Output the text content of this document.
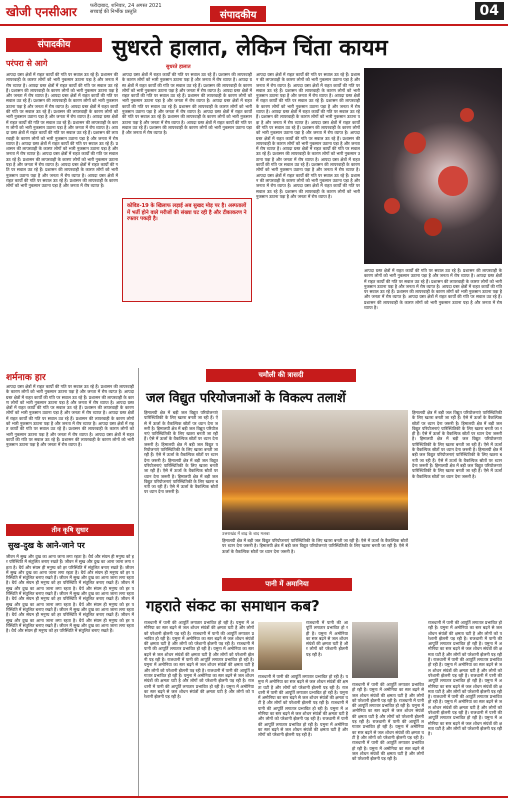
खोजी एनसीआर	फरीदाबाद, शनिवार, 24 अगस्त 2021
सच्चाई की निर्भीक प्रस्तुति	संपादकीय	04
संपादकीय
परंपरा से आगे
सुधरते हालात, लेकिन चिंता कायम
आपदा ग्रस्त क्षेत्रों में राहत कार्यों की गति पर सवाल उठ रहे हैं। प्रशासन की लापरवाही के कारण लोगों को भारी नुकसान उठाना पड़ा है और जनता में रोष व्याप्त है। आपदा ग्रस्त क्षेत्रों में राहत कार्यों की गति पर सवाल उठ रहे हैं। प्रशासन की लापरवाही के कारण लोगों को भारी नुकसान उठाना पड़ा है और जनता में रोष व्याप्त है। आपदा ग्रस्त क्षेत्रों में राहत कार्यों की गति पर सवाल उठ रहे हैं। प्रशासन की लापरवाही के कारण लोगों को भारी नुकसान उठाना पड़ा है और जनता में रोष व्याप्त है। आपदा ग्रस्त क्षेत्रों में राहत कार्यों की गति पर सवाल उठ रहे हैं। प्रशासन की लापरवाही के कारण लोगों को भारी नुकसान उठाना पड़ा है और जनता में रोष व्याप्त है। आपदा ग्रस्त क्षेत्रों में राहत कार्यों की गति पर सवाल उठ रहे हैं। प्रशासन की लापरवाही के कारण लोगों को भारी नुकसान उठाना पड़ा है और जनता में रोष व्याप्त है। आपदा ग्रस्त क्षेत्रों में राहत कार्यों की गति पर सवाल उठ रहे हैं। प्रशासन की लापरवाही के कारण लोगों को भारी नुकसान उठाना पड़ा है और जनता में रोष व्याप्त है। आपदा ग्रस्त क्षेत्रों में राहत कार्यों की गति पर सवाल उठ रहे हैं। प्रशासन की लापरवाही के कारण लोगों को भारी नुकसान उठाना पड़ा है और जनता में रोष व्याप्त है। आपदा ग्रस्त क्षेत्रों में राहत कार्यों की गति पर सवाल उठ रहे हैं। प्रशासन की लापरवाही के कारण लोगों को भारी नुकसान उठाना पड़ा है और जनता में रोष व्याप्त है। आपदा ग्रस्त क्षेत्रों में राहत कार्यों की गति पर सवाल उठ रहे हैं। प्रशासन की लापरवाही के कारण लोगों को भारी नुकसान उठाना पड़ा है और जनता में रोष व्याप्त है। आपदा ग्रस्त क्षेत्रों में राहत कार्यों की गति पर सवाल उठ रहे हैं। प्रशासन की लापरवाही के कारण लोगों को भारी नुकसान उठाना पड़ा है और जनता में रोष व्याप्त है।
कोविड-19 के खिलाफ लड़ाई अब सुखद मोड़ पर है। अस्पतालों में भर्ती होने वाले मरीजों की संख्या घट रही है और टीकाकरण ने रफ्तार पकड़ी है।
सुधरते हालात
आपदा ग्रस्त क्षेत्रों में राहत कार्यों की गति पर सवाल उठ रहे हैं। प्रशासन की लापरवाही के कारण लोगों को भारी नुकसान उठाना पड़ा है और जनता में रोष व्याप्त है। आपदा ग्रस्त क्षेत्रों में राहत कार्यों की गति पर सवाल उठ रहे हैं। प्रशासन की लापरवाही के कारण लोगों को भारी नुकसान उठाना पड़ा है और जनता में रोष व्याप्त है। आपदा ग्रस्त क्षेत्रों में राहत कार्यों की गति पर सवाल उठ रहे हैं। प्रशासन की लापरवाही के कारण लोगों को भारी नुकसान उठाना पड़ा है और जनता में रोष व्याप्त है। आपदा ग्रस्त क्षेत्रों में राहत कार्यों की गति पर सवाल उठ रहे हैं। प्रशासन की लापरवाही के कारण लोगों को भारी नुकसान उठाना पड़ा है और जनता में रोष व्याप्त है। आपदा ग्रस्त क्षेत्रों में राहत कार्यों की गति पर सवाल उठ रहे हैं। प्रशासन की लापरवाही के कारण लोगों को भारी नुकसान उठाना पड़ा है और जनता में रोष व्याप्त है। आपदा ग्रस्त क्षेत्रों में राहत कार्यों की गति पर सवाल उठ रहे हैं। प्रशासन की लापरवाही के कारण लोगों को भारी नुकसान उठाना पड़ा है और जनता में रोष व्याप्त है।
आपदा ग्रस्त क्षेत्रों में राहत कार्यों की गति पर सवाल उठ रहे हैं। प्रशासन की लापरवाही के कारण लोगों को भारी नुकसान उठाना पड़ा है और जनता में रोष व्याप्त है। आपदा ग्रस्त क्षेत्रों में राहत कार्यों की गति पर सवाल उठ रहे हैं। प्रशासन की लापरवाही के कारण लोगों को भारी नुकसान उठाना पड़ा है और जनता में रोष व्याप्त है। आपदा ग्रस्त क्षेत्रों में राहत कार्यों की गति पर सवाल उठ रहे हैं। प्रशासन की लापरवाही के कारण लोगों को भारी नुकसान उठाना पड़ा है और जनता में रोष व्याप्त है। आपदा ग्रस्त क्षेत्रों में राहत कार्यों की गति पर सवाल उठ रहे हैं। प्रशासन की लापरवाही के कारण लोगों को भारी नुकसान उठाना पड़ा है और जनता में रोष व्याप्त है। आपदा ग्रस्त क्षेत्रों में राहत कार्यों की गति पर सवाल उठ रहे हैं। प्रशासन की लापरवाही के कारण लोगों को भारी नुकसान उठाना पड़ा है और जनता में रोष व्याप्त है। आपदा ग्रस्त क्षेत्रों में राहत कार्यों की गति पर सवाल उठ रहे हैं। प्रशासन की लापरवाही के कारण लोगों को भारी नुकसान उठाना पड़ा है और जनता में रोष व्याप्त है। आपदा ग्रस्त क्षेत्रों में राहत कार्यों की गति पर सवाल उठ रहे हैं। प्रशासन की लापरवाही के कारण लोगों को भारी नुकसान उठाना पड़ा है और जनता में रोष व्याप्त है। आपदा ग्रस्त क्षेत्रों में राहत कार्यों की गति पर सवाल उठ रहे हैं। प्रशासन की लापरवाही के कारण लोगों को भारी नुकसान उठाना पड़ा है और जनता में रोष व्याप्त है। आपदा ग्रस्त क्षेत्रों में राहत कार्यों की गति पर सवाल उठ रहे हैं। प्रशासन की लापरवाही के कारण लोगों को भारी नुकसान उठाना पड़ा है और जनता में रोष व्याप्त है। आपदा ग्रस्त क्षेत्रों में राहत कार्यों की गति पर सवाल उठ रहे हैं। प्रशासन की लापरवाही के कारण लोगों को भारी नुकसान उठाना पड़ा है और जनता में रोष व्याप्त है।
आपदा ग्रस्त क्षेत्रों में राहत कार्यों की गति पर सवाल उठ रहे हैं। प्रशासन की लापरवाही के कारण लोगों को भारी नुकसान उठाना पड़ा है और जनता में रोष व्याप्त है। आपदा ग्रस्त क्षेत्रों में राहत कार्यों की गति पर सवाल उठ रहे हैं। प्रशासन की लापरवाही के कारण लोगों को भारी नुकसान उठाना पड़ा है और जनता में रोष व्याप्त है। आपदा ग्रस्त क्षेत्रों में राहत कार्यों की गति पर सवाल उठ रहे हैं। प्रशासन की लापरवाही के कारण लोगों को भारी नुकसान उठाना पड़ा है और जनता में रोष व्याप्त है। आपदा ग्रस्त क्षेत्रों में राहत कार्यों की गति पर सवाल उठ रहे हैं। प्रशासन की लापरवाही के कारण लोगों को भारी नुकसान उठाना पड़ा है और जनता में रोष व्याप्त है।
शर्मनाक हार
आपदा ग्रस्त क्षेत्रों में राहत कार्यों की गति पर सवाल उठ रहे हैं। प्रशासन की लापरवाही के कारण लोगों को भारी नुकसान उठाना पड़ा है और जनता में रोष व्याप्त है। आपदा ग्रस्त क्षेत्रों में राहत कार्यों की गति पर सवाल उठ रहे हैं। प्रशासन की लापरवाही के कारण लोगों को भारी नुकसान उठाना पड़ा है और जनता में रोष व्याप्त है। आपदा ग्रस्त क्षेत्रों में राहत कार्यों की गति पर सवाल उठ रहे हैं। प्रशासन की लापरवाही के कारण लोगों को भारी नुकसान उठाना पड़ा है और जनता में रोष व्याप्त है। आपदा ग्रस्त क्षेत्रों में राहत कार्यों की गति पर सवाल उठ रहे हैं। प्रशासन की लापरवाही के कारण लोगों को भारी नुकसान उठाना पड़ा है और जनता में रोष व्याप्त है। आपदा ग्रस्त क्षेत्रों में राहत कार्यों की गति पर सवाल उठ रहे हैं। प्रशासन की लापरवाही के कारण लोगों को भारी नुकसान उठाना पड़ा है और जनता में रोष व्याप्त है। आपदा ग्रस्त क्षेत्रों में राहत कार्यों की गति पर सवाल उठ रहे हैं। प्रशासन की लापरवाही के कारण लोगों को भारी नुकसान उठाना पड़ा है और जनता में रोष व्याप्त है।
तीन कृषि सुधार
सुख-दुख के आने-जाने पर
जीवन में सुख और दुख का आना जाना लगा रहता है। धैर्य और संयम ही मनुष्य को हर परिस्थिति में संतुलित बनाए रखते हैं। जीवन में सुख और दुख का आना जाना लगा रहता है। धैर्य और संयम ही मनुष्य को हर परिस्थिति में संतुलित बनाए रखते हैं। जीवन में सुख और दुख का आना जाना लगा रहता है। धैर्य और संयम ही मनुष्य को हर परिस्थिति में संतुलित बनाए रखते हैं। जीवन में सुख और दुख का आना जाना लगा रहता है। धैर्य और संयम ही मनुष्य को हर परिस्थिति में संतुलित बनाए रखते हैं। जीवन में सुख और दुख का आना जाना लगा रहता है। धैर्य और संयम ही मनुष्य को हर परिस्थिति में संतुलित बनाए रखते हैं। जीवन में सुख और दुख का आना जाना लगा रहता है। धैर्य और संयम ही मनुष्य को हर परिस्थिति में संतुलित बनाए रखते हैं। जीवन में सुख और दुख का आना जाना लगा रहता है। धैर्य और संयम ही मनुष्य को हर परिस्थिति में संतुलित बनाए रखते हैं। जीवन में सुख और दुख का आना जाना लगा रहता है। धैर्य और संयम ही मनुष्य को हर परिस्थिति में संतुलित बनाए रखते हैं। जीवन में सुख और दुख का आना जाना लगा रहता है। धैर्य और संयम ही मनुष्य को हर परिस्थिति में संतुलित बनाए रखते हैं। जीवन में सुख और दुख का आना जाना लगा रहता है। धैर्य और संयम ही मनुष्य को हर परिस्थिति में संतुलित बनाए रखते हैं।
चमौली की त्रासदी
जल विद्युत परियोजनाओं के विकल्प तलाशें
हिमालयी क्षेत्र में बड़ी जल विद्युत परियोजनाएं पारिस्थितिकी के लिए खतरा बनती जा रही हैं। ऐसे में ऊर्जा के वैकल्पिक स्रोतों पर ध्यान देना जरूरी है। हिमालयी क्षेत्र में बड़ी जल विद्युत परियोजनाएं पारिस्थितिकी के लिए खतरा बनती जा रही हैं। ऐसे में ऊर्जा के वैकल्पिक स्रोतों पर ध्यान देना जरूरी है। हिमालयी क्षेत्र में बड़ी जल विद्युत परियोजनाएं पारिस्थितिकी के लिए खतरा बनती जा रही हैं। ऐसे में ऊर्जा के वैकल्पिक स्रोतों पर ध्यान देना जरूरी है। हिमालयी क्षेत्र में बड़ी जल विद्युत परियोजनाएं पारिस्थितिकी के लिए खतरा बनती जा रही हैं। ऐसे में ऊर्जा के वैकल्पिक स्रोतों पर ध्यान देना जरूरी है। हिमालयी क्षेत्र में बड़ी जल विद्युत परियोजनाएं पारिस्थितिकी के लिए खतरा बनती जा रही हैं। ऐसे में ऊर्जा के वैकल्पिक स्रोतों पर ध्यान देना जरूरी है।
उत्तराखंड में बाढ़ के बाद मलबा
हिमालयी क्षेत्र में बड़ी जल विद्युत परियोजनाएं पारिस्थितिकी के लिए खतरा बनती जा रही हैं। ऐसे में ऊर्जा के वैकल्पिक स्रोतों पर ध्यान देना जरूरी है। हिमालयी क्षेत्र में बड़ी जल विद्युत परियोजनाएं पारिस्थितिकी के लिए खतरा बनती जा रही हैं। ऐसे में ऊर्जा के वैकल्पिक स्रोतों पर ध्यान देना जरूरी है। हिमालयी क्षेत्र में बड़ी जल विद्युत परियोजनाएं पारिस्थितिकी के लिए खतरा बनती जा रही हैं। ऐसे में ऊर्जा के वैकल्पिक स्रोतों पर ध्यान देना जरूरी है। हिमालयी क्षेत्र में बड़ी जल विद्युत परियोजनाएं पारिस्थितिकी के लिए खतरा बनती जा रही हैं। ऐसे में ऊर्जा के वैकल्पिक स्रोतों पर ध्यान देना जरूरी है। हिमालयी क्षेत्र में बड़ी जल विद्युत परियोजनाएं पारिस्थितिकी के लिए खतरा बनती जा रही हैं। ऐसे में ऊर्जा के वैकल्पिक स्रोतों पर ध्यान देना जरूरी है।
हिमालयी क्षेत्र में बड़ी जल विद्युत परियोजनाएं पारिस्थितिकी के लिए खतरा बनती जा रही हैं। ऐसे में ऊर्जा के वैकल्पिक स्रोतों पर ध्यान देना जरूरी है। हिमालयी क्षेत्र में बड़ी जल विद्युत परियोजनाएं पारिस्थितिकी के लिए खतरा बनती जा रही हैं। ऐसे में ऊर्जा के वैकल्पिक स्रोतों पर ध्यान देना जरूरी है।
पानी में अमानिया
गहराते संकट का समाधान कब?
राजधानी में पानी की आपूर्ति लगातार प्रभावित हो रही है। यमुना में अमोनिया का स्तर बढ़ने से जल शोधन संयंत्रों की क्षमता घटी है और लोगों को परेशानी झेलनी पड़ रही है। राजधानी में पानी की आपूर्ति लगातार प्रभावित हो रही है। यमुना में अमोनिया का स्तर बढ़ने से जल शोधन संयंत्रों की क्षमता घटी है और लोगों को परेशानी झेलनी पड़ रही है। राजधानी में पानी की आपूर्ति लगातार प्रभावित हो रही है। यमुना में अमोनिया का स्तर बढ़ने से जल शोधन संयंत्रों की क्षमता घटी है और लोगों को परेशानी झेलनी पड़ रही है। राजधानी में पानी की आपूर्ति लगातार प्रभावित हो रही है। यमुना में अमोनिया का स्तर बढ़ने से जल शोधन संयंत्रों की क्षमता घटी है और लोगों को परेशानी झेलनी पड़ रही है। राजधानी में पानी की आपूर्ति लगातार प्रभावित हो रही है। यमुना में अमोनिया का स्तर बढ़ने से जल शोधन संयंत्रों की क्षमता घटी है और लोगों को परेशानी झेलनी पड़ रही है। राजधानी में पानी की आपूर्ति लगातार प्रभावित हो रही है। यमुना में अमोनिया का स्तर बढ़ने से जल शोधन संयंत्रों की क्षमता घटी है और लोगों को परेशानी झेलनी पड़ रही है।
राजधानी में पानी की आपूर्ति लगातार प्रभावित हो रही है। यमुना में अमोनिया का स्तर बढ़ने से जल शोधन संयंत्रों की क्षमता घटी है और लोगों को परेशानी झेलनी पड़ रही है। राजधानी में पानी की आपूर्ति लगातार प्रभावित हो रही है। यमुना में अमोनिया का स्तर बढ़ने से जल शोधन संयंत्रों की क्षमता घटी है और लोगों को परेशानी झेलनी पड़ रही है। राजधानी में पानी की आपूर्ति लगातार प्रभावित हो रही है। यमुना में अमोनिया का स्तर बढ़ने से जल शोधन संयंत्रों की क्षमता घटी है और लोगों को परेशानी झेलनी पड़ रही है। राजधानी में पानी की आपूर्ति लगातार प्रभावित हो रही है। यमुना में अमोनिया का स्तर बढ़ने से जल शोधन संयंत्रों की क्षमता घटी है और लोगों को परेशानी झेलनी पड़ रही है।
राजधानी में पानी की आपूर्ति लगातार प्रभावित हो रही है। यमुना में अमोनिया का स्तर बढ़ने से जल शोधन संयंत्रों की क्षमता घटी है और लोगों को परेशानी झेलनी पड़ रही है।
राजधानी में पानी की आपूर्ति लगातार प्रभावित हो रही है। यमुना में अमोनिया का स्तर बढ़ने से जल शोधन संयंत्रों की क्षमता घटी है और लोगों को परेशानी झेलनी पड़ रही है। राजधानी में पानी की आपूर्ति लगातार प्रभावित हो रही है। यमुना में अमोनिया का स्तर बढ़ने से जल शोधन संयंत्रों की क्षमता घटी है और लोगों को परेशानी झेलनी पड़ रही है। राजधानी में पानी की आपूर्ति लगातार प्रभावित हो रही है। यमुना में अमोनिया का स्तर बढ़ने से जल शोधन संयंत्रों की क्षमता घटी है और लोगों को परेशानी झेलनी पड़ रही है। राजधानी में पानी की आपूर्ति लगातार प्रभावित हो रही है। यमुना में अमोनिया का स्तर बढ़ने से जल शोधन संयंत्रों की क्षमता घटी है और लोगों को परेशानी झेलनी पड़ रही है।
राजधानी में पानी की आपूर्ति लगातार प्रभावित हो रही है। यमुना में अमोनिया का स्तर बढ़ने से जल शोधन संयंत्रों की क्षमता घटी है और लोगों को परेशानी झेलनी पड़ रही है। राजधानी में पानी की आपूर्ति लगातार प्रभावित हो रही है। यमुना में अमोनिया का स्तर बढ़ने से जल शोधन संयंत्रों की क्षमता घटी है और लोगों को परेशानी झेलनी पड़ रही है। राजधानी में पानी की आपूर्ति लगातार प्रभावित हो रही है। यमुना में अमोनिया का स्तर बढ़ने से जल शोधन संयंत्रों की क्षमता घटी है और लोगों को परेशानी झेलनी पड़ रही है। राजधानी में पानी की आपूर्ति लगातार प्रभावित हो रही है। यमुना में अमोनिया का स्तर बढ़ने से जल शोधन संयंत्रों की क्षमता घटी है और लोगों को परेशानी झेलनी पड़ रही है। राजधानी में पानी की आपूर्ति लगातार प्रभावित हो रही है। यमुना में अमोनिया का स्तर बढ़ने से जल शोधन संयंत्रों की क्षमता घटी है और लोगों को परेशानी झेलनी पड़ रही है। राजधानी में पानी की आपूर्ति लगातार प्रभावित हो रही है। यमुना में अमोनिया का स्तर बढ़ने से जल शोधन संयंत्रों की क्षमता घटी है और लोगों को परेशानी झेलनी पड़ रही है।
